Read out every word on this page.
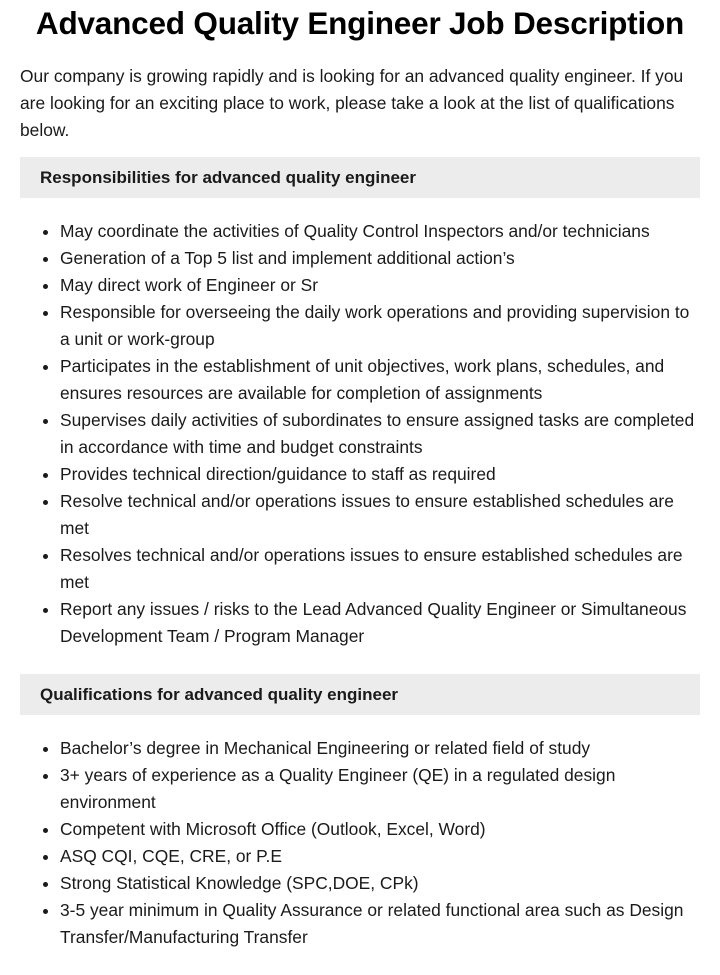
Advanced Quality Engineer Job Description

Our company is growing rapidly and is looking for an advanced quality engineer. If you are looking for an exciting place to work, please take a look at the list of qualifications below.

Responsibilities for advanced quality engineer
• May coordinate the activities of Quality Control Inspectors and/or technicians
• Generation of a Top 5 list and implement additional action’s
• May direct work of Engineer or Sr
• Responsible for overseeing the daily work operations and providing supervision to a unit or work-group
• Participates in the establishment of unit objectives, work plans, schedules, and ensures resources are available for completion of assignments
• Supervises daily activities of subordinates to ensure assigned tasks are completed in accordance with time and budget constraints
• Provides technical direction/guidance to staff as required
• Resolve technical and/or operations issues to ensure established schedules are met
• Resolves technical and/or operations issues to ensure established schedules are met
• Report any issues / risks to the Lead Advanced Quality Engineer or Simultaneous Development Team / Program Manager
Qualifications for advanced quality engineer
• Bachelor’s degree in Mechanical Engineering or related field of study
• 3+ years of experience as a Quality Engineer (QE) in a regulated design environment
• Competent with Microsoft Office (Outlook, Excel, Word)
• ASQ CQI, CQE, CRE, or P.E
• Strong Statistical Knowledge (SPC,DOE, CPk)
• 3-5 year minimum in Quality Assurance or related functional area such as Design Transfer/Manufacturing Transfer
